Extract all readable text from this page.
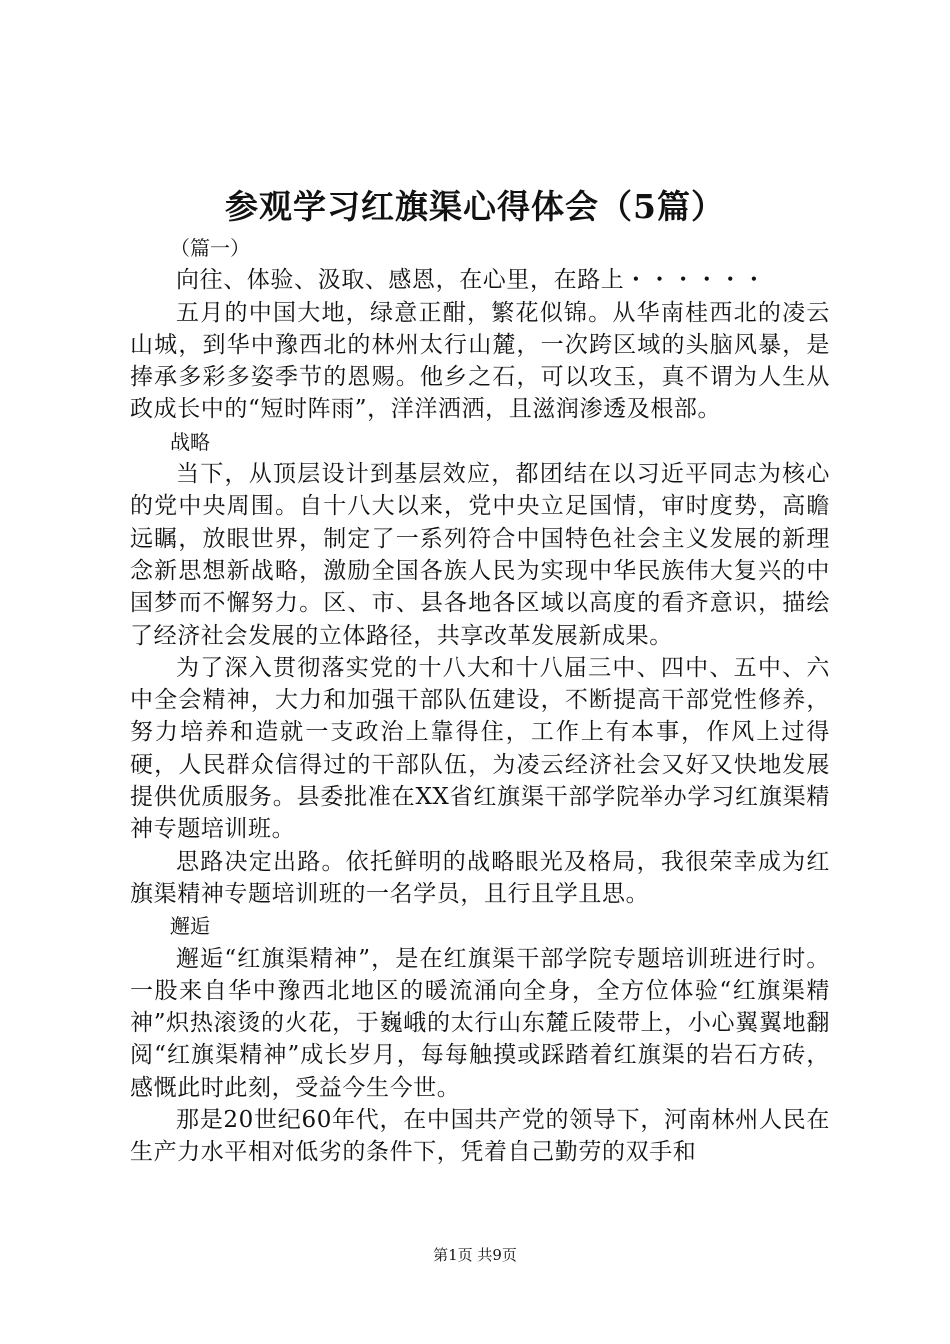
参观学习红旗渠心得体会（5篇）

（篇一）

向往、体验、汲取、感恩，在心里，在路上・・・・・・

五月的中国大地，绿意正酣，繁花似锦。从华南桂西北的凌云山城，到华中豫西北的林州太行山麓，一次跨区域的头脑风暴，是捧承多彩多姿季节的恩赐。他乡之石，可以攻玉，真不谓为人生从政成长中的“短时阵雨”，洋洋洒洒，且滋润渗透及根部。

战略

当下，从顶层设计到基层效应，都团结在以习近平同志为核心的党中央周围。自十八大以来，党中央立足国情，审时度势，高瞻远瞩，放眼世界，制定了一系列符合中国特色社会主义发展的新理念新思想新战略，激励全国各族人民为实现中华民族伟大复兴的中国梦而不懈努力。区、市、县各地各区域以高度的看齐意识，描绘了经济社会发展的立体路径，共享改革发展新成果。

为了深入贯彻落实党的十八大和十八届三中、四中、五中、六中全会精神，大力和加强干部队伍建设，不断提高干部党性修养，努力培养和造就一支政治上靠得住，工作上有本事，作风上过得硬，人民群众信得过的干部队伍，为凌云经济社会又好又快地发展提供优质服务。县委批准在XX省红旗渠干部学院举办学习红旗渠精神专题培训班。

思路决定出路。依托鲜明的战略眼光及格局，我很荣幸成为红旗渠精神专题培训班的一名学员，且行且学且思。

邂逅

邂逅“红旗渠精神”，是在红旗渠干部学院专题培训班进行时。一股来自华中豫西北地区的暖流涌向全身，全方位体验“红旗渠精神”炽热滚烫的火花，于巍峨的太行山东麓丘陵带上，小心翼翼地翻阅“红旗渠精神”成长岁月，每每触摸或踩踏着红旗渠的岩石方砖，感慨此时此刻，受益今生今世。

那是20世纪60年代，在中国共产党的领导下，河南林州人民在生产力水平相对低劣的条件下，凭着自己勤劳的双手和

第1页 共9页
